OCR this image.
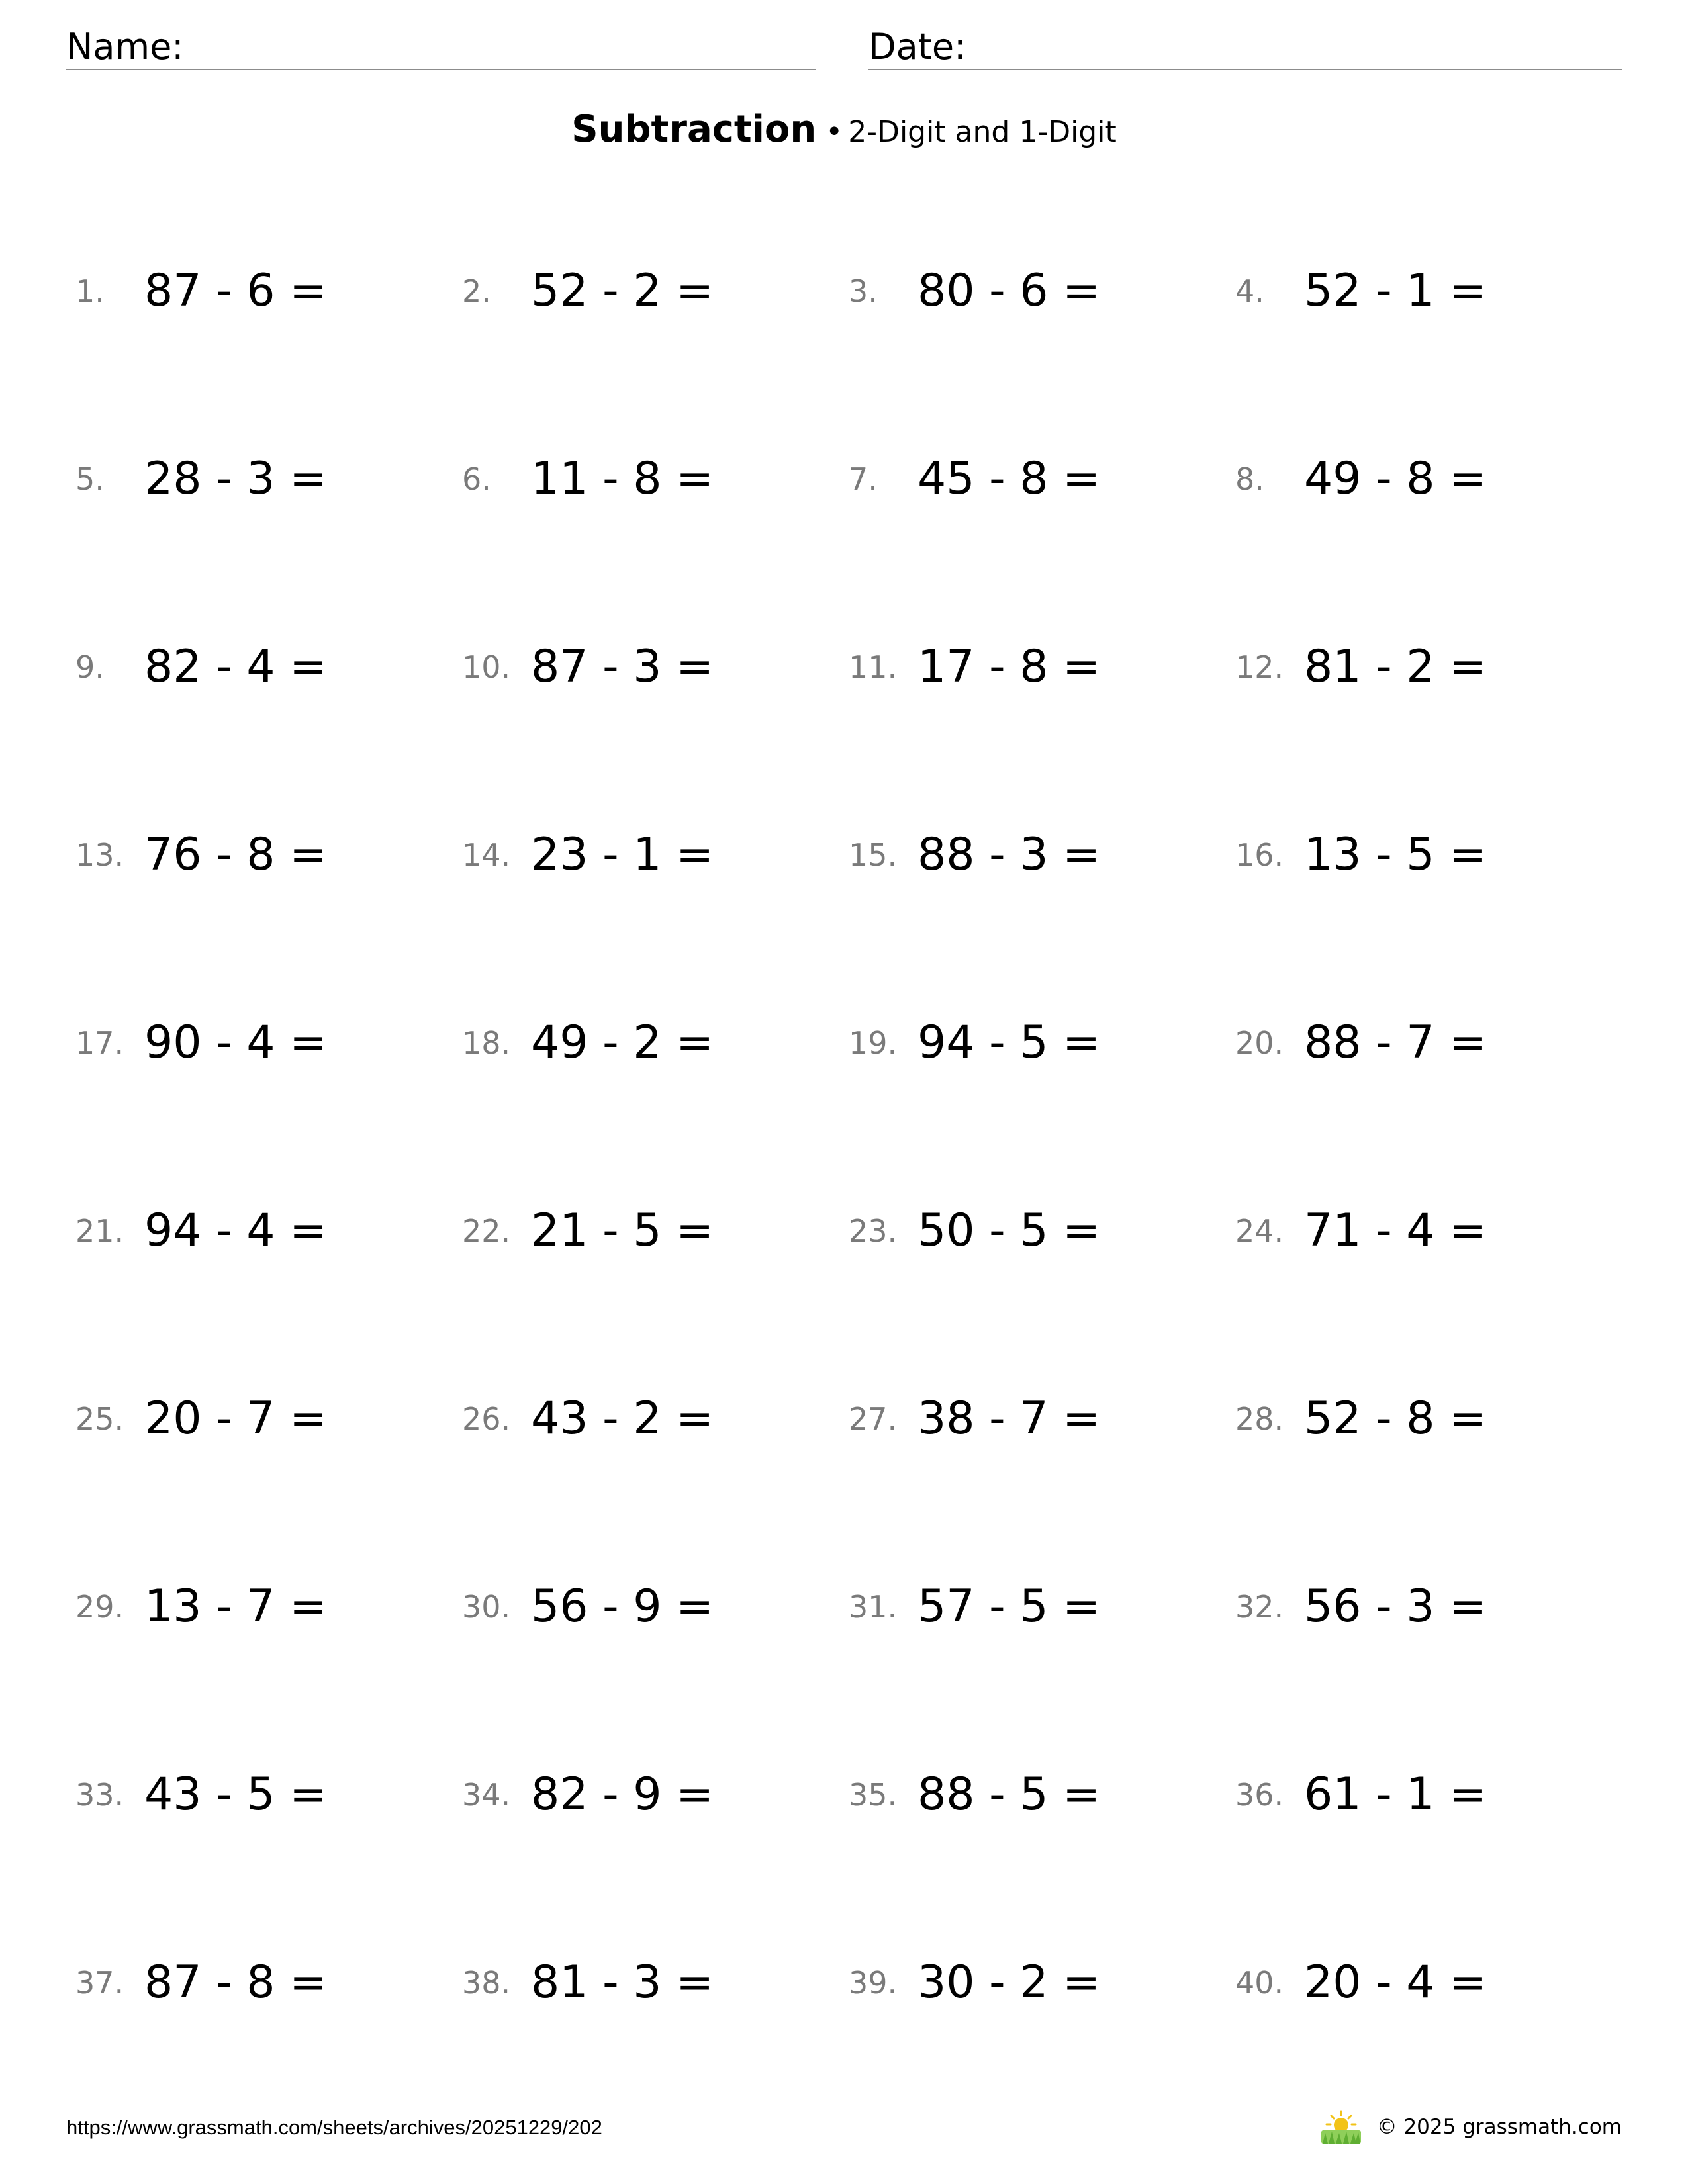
Name:	Date:
Subtraction • 2-Digit and 1-Digit
1. 87 - 6 =	2. 52 - 2 =	3. 80 - 6 =	4. 52 - 1 =
5. 28 - 3 =	6. 11 - 8 =	7. 45 - 8 =	8. 49 - 8 =
9. 82 - 4 =	10. 87 - 3 =	11. 17 - 8 =	12. 81 - 2 =
13. 76 - 8 =	14. 23 - 1 =	15. 88 - 3 =	16. 13 - 5 =
17. 90 - 4 =	18. 49 - 2 =	19. 94 - 5 =	20. 88 - 7 =
21. 94 - 4 =	22. 21 - 5 =	23. 50 - 5 =	24. 71 - 4 =
25. 20 - 7 =	26. 43 - 2 =	27. 38 - 7 =	28. 52 - 8 =
29. 13 - 7 =	30. 56 - 9 =	31. 57 - 5 =	32. 56 - 3 =
33. 43 - 5 =	34. 82 - 9 =	35. 88 - 5 =	36. 61 - 1 =
37. 87 - 8 =	38. 81 - 3 =	39. 30 - 2 =	40. 20 - 4 =
https://www.grassmath.com/sheets/archives/20251229/202	© 2025 grassmath.com
